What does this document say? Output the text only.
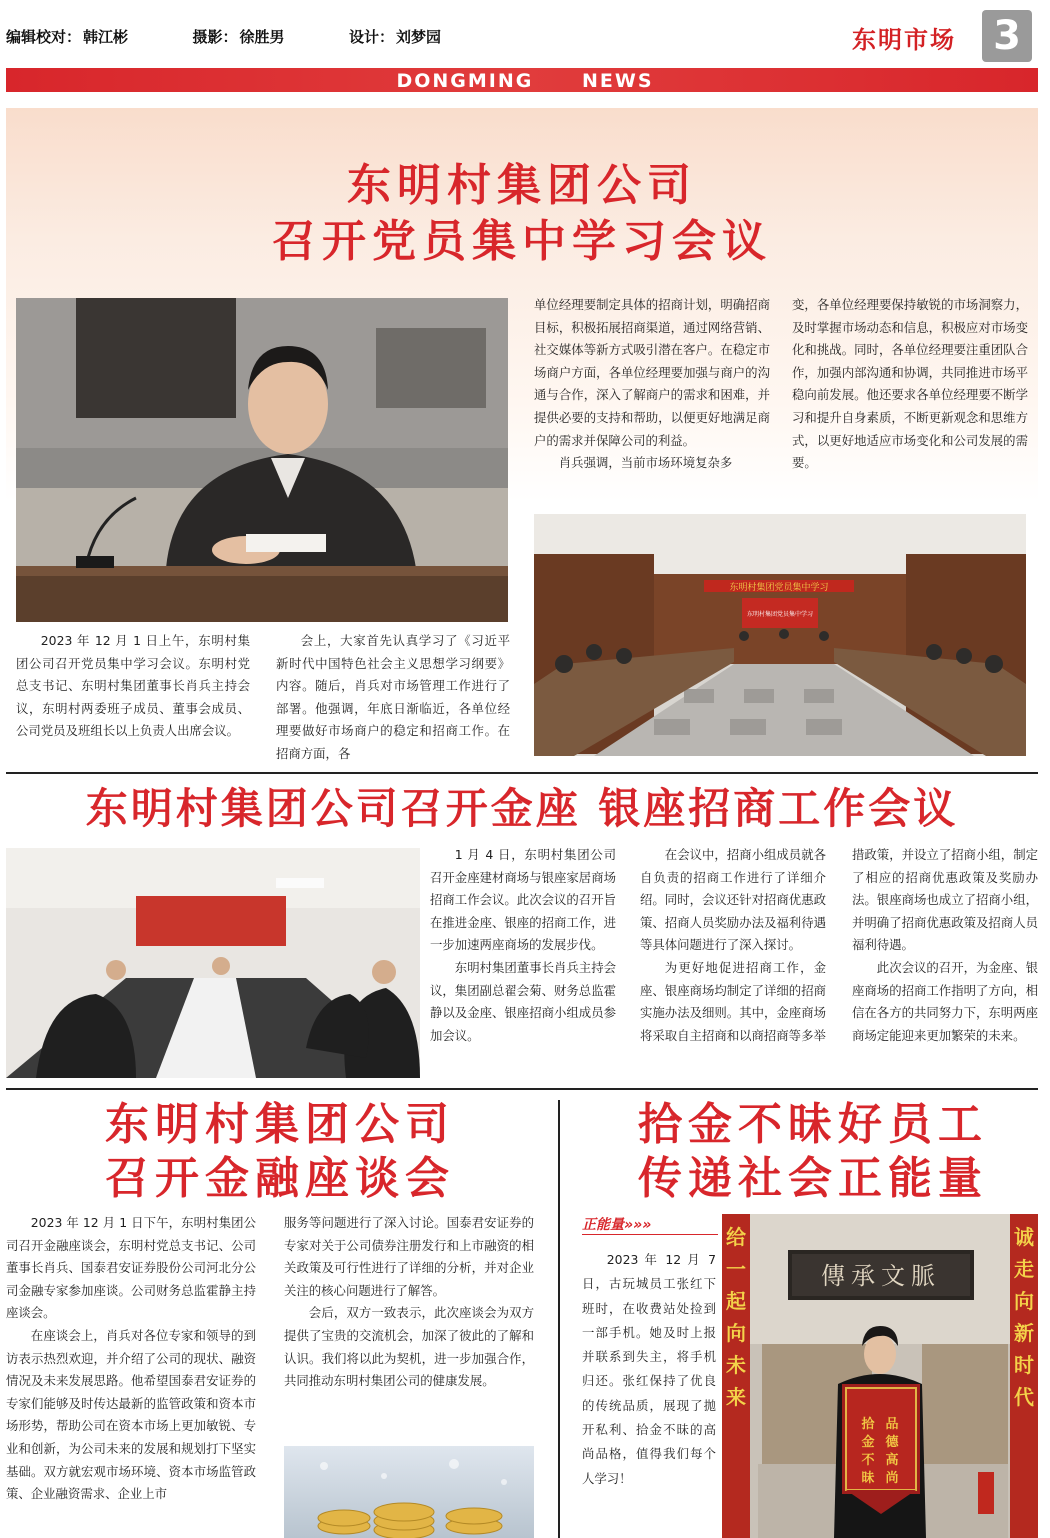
编辑校对： 韩江彬	摄影： 徐胜男	设计： 刘梦园	东明市场 3
DONGMING	NEWS
东明村集团公司
召开党员集中学习会议

2023 年 12 月 1 日上午，东明村集团公司召开党员集中学习会议。东明村党总支书记、东明村集团董事长肖兵主持会议，东明村两委班子成员、董事会成员、公司党员及班组长以上负责人出席会议。

会上，大家首先认真学习了《习近平新时代中国特色社会主义思想学习纲要》内容。随后，肖兵对市场管理工作进行了部署。他强调，年底日渐临近，各单位经理要做好市场商户的稳定和招商工作。在招商方面，各

单位经理要制定具体的招商计划，明确招商目标，积极拓展招商渠道，通过网络营销、社交媒体等新方式吸引潜在客户。在稳定市场商户方面，各单位经理要加强与商户的沟通与合作，深入了解商户的需求和困难，并提供必要的支持和帮助，以便更好地满足商户的需求并保障公司的利益。

肖兵强调，当前市场环境复杂多

变，各单位经理要保持敏锐的市场洞察力，及时掌握市场动态和信息，积极应对市场变化和挑战。同时，各单位经理要注重团队合作，加强内部沟通和协调，共同推进市场平稳向前发展。他还要求各单位经理要不断学习和提升自身素质，不断更新观念和思维方式，以更好地适应市场变化和公司发展的需要。

东明村集团党员集中学习
东明村集团党员集中学习
东明村集团公司召开金座 银座招商工作会议

1 月 4 日，东明村集团公司召开金座建材商场与银座家居商场招商工作会议。此次会议的召开旨在推进金座、银座的招商工作，进一步加速两座商场的发展步伐。

东明村集团董事长肖兵主持会议，集团副总翟会菊、财务总监霍静以及金座、银座招商小组成员参加会议。

在会议中，招商小组成员就各自负责的招商工作进行了详细介绍。同时，会议还针对招商优惠政策、招商人员奖励办法及福利待遇等具体问题进行了深入探讨。

为更好地促进招商工作，金座、银座商场均制定了详细的招商实施办法及细则。其中，金座商场将采取自主招商和以商招商等多举

措政策，并设立了招商小组，制定了相应的招商优惠政策及奖励办法。银座商场也成立了招商小组，并明确了招商优惠政策及招商人员福利待遇。

此次会议的召开，为金座、银座商场的招商工作指明了方向，相信在各方的共同努力下，东明两座商场定能迎来更加繁荣的未来。

东明村集团公司
召开金融座谈会

2023 年 12 月 1 日下午，东明村集团公司召开金融座谈会，东明村党总支书记、公司董事长肖兵、国泰君安证券股份公司河北分公司金融专家参加座谈。公司财务总监霍静主持座谈会。

在座谈会上，肖兵对各位专家和领导的到访表示热烈欢迎，并介绍了公司的现状、融资情况及未来发展思路。他希望国泰君安证券的专家们能够及时传达最新的监管政策和资本市场形势，帮助公司在资本市场上更加敏锐、专业和创新，为公司未来的发展和规划打下坚实基础。双方就宏观市场环境、资本市场监管政策、企业融资需求、企业上市

服务等问题进行了深入讨论。国泰君安证券的专家对关于公司债券注册发行和上市融资的相关政策及可行性进行了详细的分析，并对企业关注的核心问题进行了解答。

会后，双方一致表示，此次座谈会为双方提供了宝贵的交流机会，加深了彼此的了解和认识。我们将以此为契机，进一步加强合作，共同推动东明村集团公司的健康发展。

拾金不昧好员工
传递社会正能量
正能量»»»

2023 年 12 月 7 日，古玩城员工张红下班时，在收费站处捡到一部手机。她及时上报并联系到失主，将手机归还。张红保持了优良的传统品质，展现了拋开私利、拾金不昧的高尚品格，值得我们每个人学习！

给
一
起
向
未
来
诚
走
向
新
时
代
傳承文脈
拾
金
不
昧
品
德
高
尚
